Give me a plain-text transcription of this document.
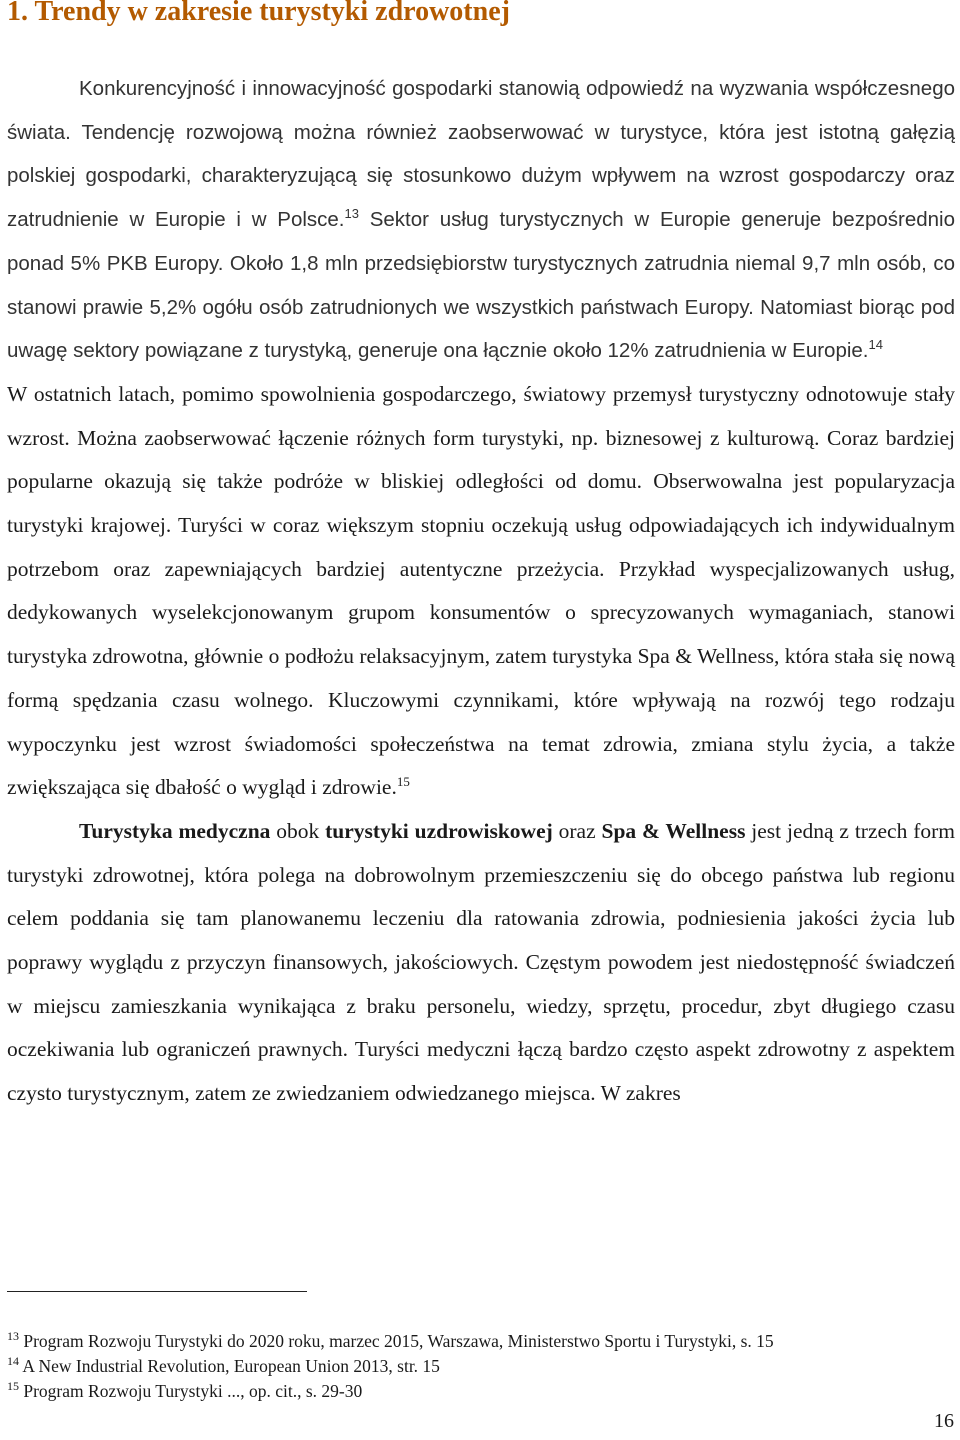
1. Trendy w zakresie turystyki zdrowotnej

Konkurencyjność i innowacyjność gospodarki stanowią odpowiedź na wyzwania współczesnego świata. Tendencję rozwojową można również zaobserwować w turystyce, która jest istotną gałęzią polskiej gospodarki, charakteryzującą się stosunkowo dużym wpływem na wzrost gospodarczy oraz zatrudnienie w Europie i w Polsce.$^{13}$ Sektor usług turystycznych w Europie generuje bezpośrednio ponad 5% PKB Europy. Około 1,8 mln przedsiębiorstw turystycznych zatrudnia niemal 9,7 mln osób, co stanowi prawie 5,2% ogółu osób zatrudnionych we wszystkich państwach Europy. Natomiast biorąc pod uwagę sektory powiązane z turystyką, generuje ona łącznie około 12% zatrudnienia w Europie.$^{14}$

W ostatnich latach, pomimo spowolnienia gospodarczego, światowy przemysł turystyczny odnotowuje stały wzrost. Można zaobserwować łączenie różnych form turystyki, np. biznesowej z kulturową. Coraz bardziej popularne okazują się także podróże w bliskiej odległości od domu. Obserwowalna jest popularyzacja turystyki krajowej. Turyści w coraz większym stopniu oczekują usług odpowiadających ich indywidualnym potrzebom oraz zapewniających bardziej autentyczne przeżycia. Przykład wyspecjalizowanych usług, dedykowanych wyselekcjonowanym grupom konsumentów o sprecyzowanych wymaganiach, stanowi turystyka zdrowotna, głównie o podłożu relaksacyjnym, zatem turystyka Spa & Wellness, która stała się nową formą spędzania czasu wolnego. Kluczowymi czynnikami, które wpływają na rozwój tego rodzaju wypoczynku jest wzrost świadomości społeczeństwa na temat zdrowia, zmiana stylu życia, a także zwiększająca się dbałość o wygląd i zdrowie.$^{15}$

Turystyka medyczna obok turystyki uzdrowiskowej oraz Spa & Wellness jest jedną z trzech form turystyki zdrowotnej, która polega na dobrowolnym przemieszczeniu się do obcego państwa lub regionu celem poddania się tam planowanemu leczeniu dla ratowania zdrowia, podniesienia jakości życia lub poprawy wyglądu z przyczyn finansowych, jakościowych. Częstym powodem jest niedostępność świadczeń w miejscu zamieszkania wynikająca z braku personelu, wiedzy, sprzętu, procedur, zbyt długiego czasu oczekiwania lub ograniczeń prawnych. Turyści medyczni łączą bardzo często aspekt zdrowotny z aspektem czysto turystycznym, zatem ze zwiedzaniem odwiedzanego miejsca. W zakres

$^{13}$ Program Rozwoju Turystyki do 2020 roku, marzec 2015, Warszawa, Ministerstwo Sportu i Turystyki, s. 15

$^{14}$ A New Industrial Revolution, European Union 2013, str. 15

$^{15}$ Program Rozwoju Turystyki ..., op. cit., s. 29-30

16
